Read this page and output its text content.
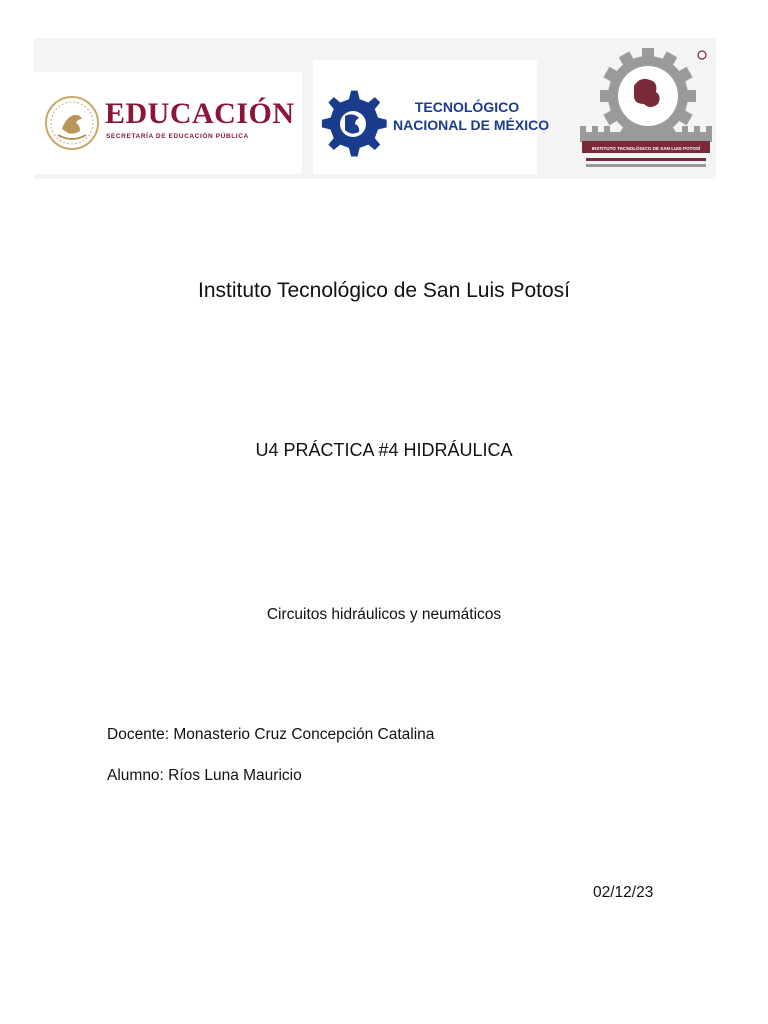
EDUCACIÓN
SECRETARÍA DE EDUCACIÓN PÚBLICA
TECNOLÓGICO
NACIONAL DE MÉXICO
INSTITUTO TECNOLÓGICO DE SAN LUIS POTOSÍ
Instituto Tecnológico de San Luis Potosí
U4 PRÁCTICA #4 HIDRÁULICA
Circuitos hidráulicos y neumáticos
Docente: Monasterio Cruz Concepción Catalina
Alumno: Ríos Luna Mauricio
02/12/23
